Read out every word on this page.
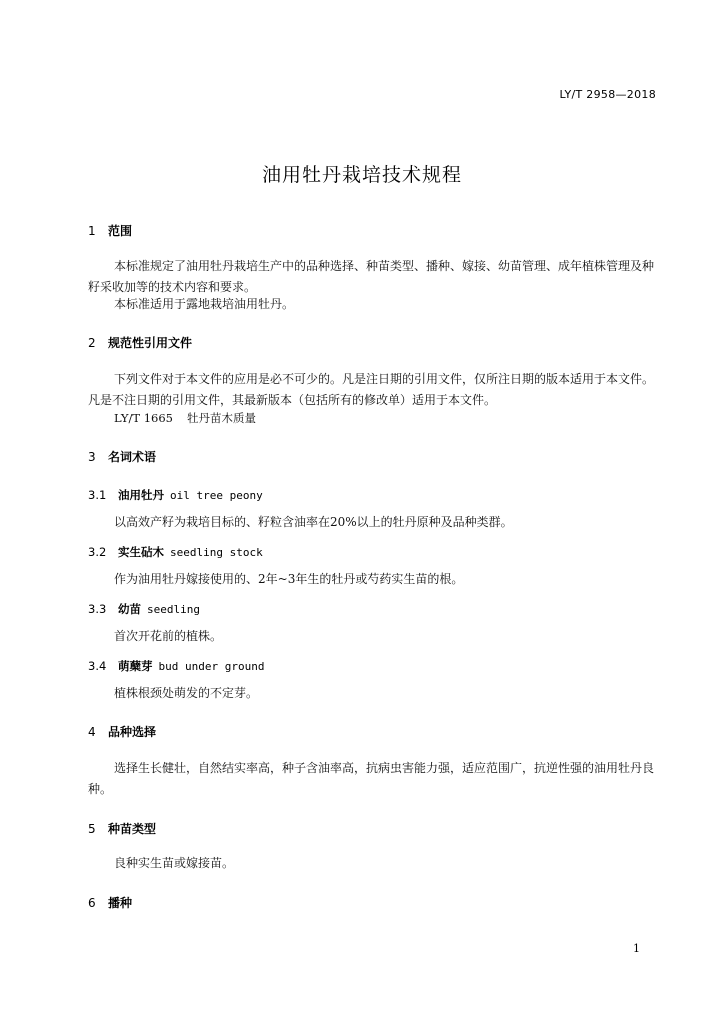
LY/T 2958—2018
油用牡丹栽培技术规程
1 范围
本标准规定了油用牡丹栽培生产中的品种选择、种苗类型、播种、嫁接、幼苗管理、成年植株管理及种籽采收加等的技术内容和要求。
本标准适用于露地栽培油用牡丹。
2 规范性引用文件
下列文件对于本文件的应用是必不可少的。凡是注日期的引用文件，仅所注日期的版本适用于本文件。凡是不注日期的引用文件，其最新版本（包括所有的修改单）适用于本文件。
LY/T 1665 牡丹苗木质量
3 名词术语
3.1 油用牡丹 oil tree peony
以高效产籽为栽培目标的、籽粒含油率在20%以上的牡丹原种及品种类群。
3.2 实生砧木 seedling stock
作为油用牡丹嫁接使用的、2年~3年生的牡丹或芍药实生苗的根。
3.3 幼苗 seedling
首次开花前的植株。
3.4 萌蘖芽 bud under ground
植株根颈处萌发的不定芽。
4 品种选择
选择生长健壮，自然结实率高，种子含油率高，抗病虫害能力强，适应范围广，抗逆性强的油用牡丹良种。
5 种苗类型
良种实生苗或嫁接苗。
6 播种
1
